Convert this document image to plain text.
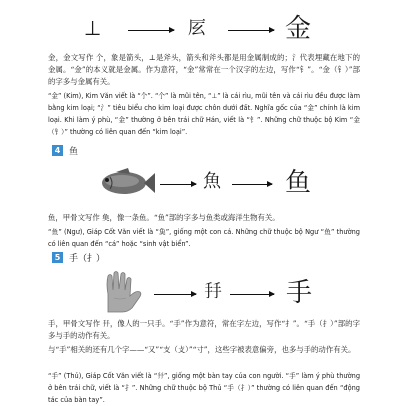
⊥	㕄	金
金，金文写作 𠆤，象是箭头，⊥是斧头，箭头和斧头都是用金属制成的；⺡代表埋藏在地下的金属。“金”的本义就是金属。作为意符，“金”常常在一个汉字的左边，写作“钅”。“金（钅）”部的字多与金属有关。
“金” (Kim), Kim Văn viết là “𠆤”. “𠆤” là mũi tên, “⊥” là cái rìu, mũi tên và cái rìu đều được làm bằng kim loại; “⺡” tiêu biểu cho kim loại được chôn dưới đất. Nghĩa gốc của “金” chính là kim loại. Khi làm ý phù, “金” thường ở bên trái chữ Hán, viết là “钅”. Những chữ thuộc bộ Kim “金（钅）” thường có liên quan đến “kim loại”.
4 鱼
魚 鱼
鱼，甲骨文写作 𩵋，像一条鱼。“鱼”部的字多与鱼类或海洋生物有关。
“鱼” (Ngư), Giáp Cốt Văn viết là “𩵋”, giống một con cá. Những chữ thuộc bộ Ngư “鱼” thường có liên quan đến “cá” hoặc “sinh vật biển”.
5 手（扌）
𢪒 手
手，甲骨文写作 𢪒，像人的一只手。“手”作为意符，常在字左边，写作“扌”。“手（扌）”部的字多与手的动作有关。
与“手”相关的还有几个字——“又”“支（攴）”“寸”，这些字被表意偏旁，也多与手的动作有关。
“手” (Thủ), Giáp Cốt Văn viết là “𢪒”, giống một bàn tay của con người. “手” làm ý phù thường ở bên trái chữ, viết là “扌”. Những chữ thuộc bộ Thủ “手（扌）” thường có liên quan đến “động tác của bàn tay”.
